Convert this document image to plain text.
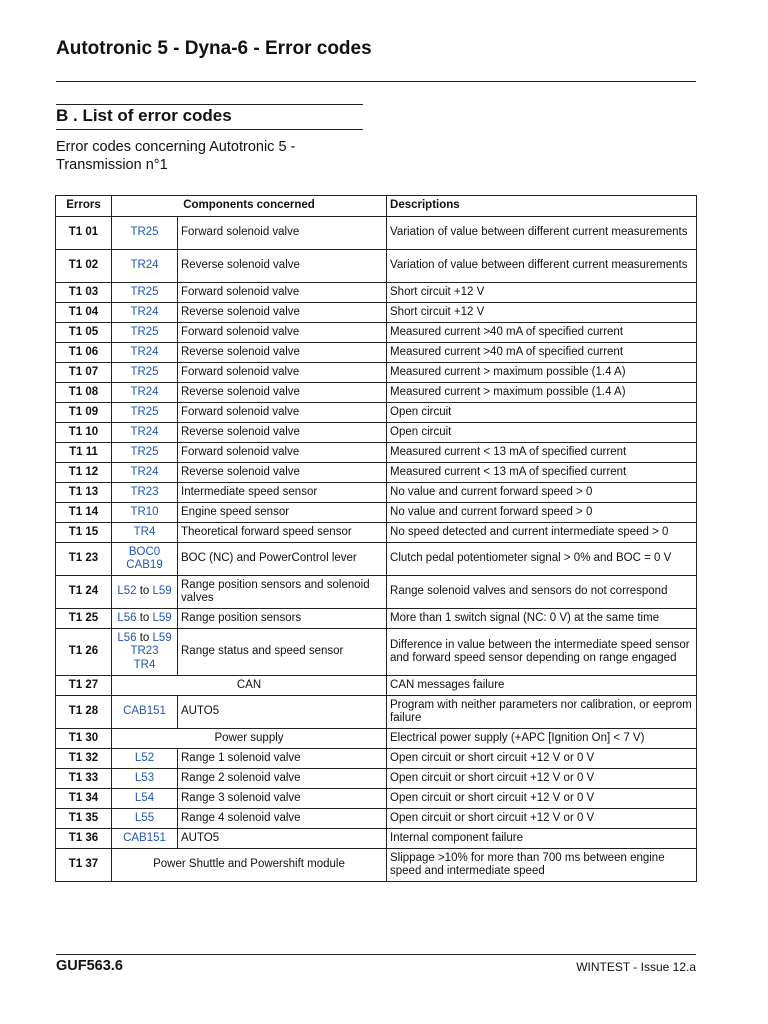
Autotronic 5 - Dyna-6 - Error codes
B . List of error codes
Error codes concerning Autotronic 5 - Transmission n°1
Errors	Components concerned		Descriptions
T1 01	TR25	Forward solenoid valve	Variation of value between different current measurements
T1 02	TR24	Reverse solenoid valve	Variation of value between different current measurements
T1 03	TR25	Forward solenoid valve	Short circuit +12 V
T1 04	TR24	Reverse solenoid valve	Short circuit +12 V
T1 05	TR25	Forward solenoid valve	Measured current >40 mA of specified current
T1 06	TR24	Reverse solenoid valve	Measured current >40 mA of specified current
T1 07	TR25	Forward solenoid valve	Measured current > maximum possible (1.4 A)
T1 08	TR24	Reverse solenoid valve	Measured current > maximum possible (1.4 A)
T1 09	TR25	Forward solenoid valve	Open circuit
T1 10	TR24	Reverse solenoid valve	Open circuit
T1 11	TR25	Forward solenoid valve	Measured current < 13 mA of specified current
T1 12	TR24	Reverse solenoid valve	Measured current < 13 mA of specified current
T1 13	TR23	Intermediate speed sensor	No value and current forward speed > 0
T1 14	TR10	Engine speed sensor	No value and current forward speed > 0
T1 15	TR4	Theoretical forward speed sensor	No speed detected and current intermediate speed > 0
T1 23	BOC0
CAB19	BOC (NC) and PowerControl lever	Clutch pedal potentiometer signal > 0% and BOC = 0 V
T1 24	L52 to L59	Range position sensors and solenoid valves	Range solenoid valves and sensors do not correspond
T1 25	L56 to L59	Range position sensors	More than 1 switch signal (NC: 0 V) at the same time
T1 26	L56 to L59
TR23
TR4	Range status and speed sensor	Difference in value between the intermediate speed sensor and forward speed sensor depending on range engaged
T1 27	CAN		CAN messages failure
T1 28	CAB151	AUTO5	Program with neither parameters nor calibration, or eeprom failure
T1 30	Power supply		Electrical power supply (+APC [Ignition On] < 7 V)
T1 32	L52	Range 1 solenoid valve	Open circuit or short circuit +12 V or 0 V
T1 33	L53	Range 2 solenoid valve	Open circuit or short circuit +12 V or 0 V
T1 34	L54	Range 3 solenoid valve	Open circuit or short circuit +12 V or 0 V
T1 35	L55	Range 4 solenoid valve	Open circuit or short circuit +12 V or 0 V
T1 36	CAB151	AUTO5	Internal component failure
T1 37	Power Shuttle and Powershift module		Slippage >10% for more than 700 ms between engine speed and intermediate speed
GUF563.6	WINTEST - Issue 12.a
